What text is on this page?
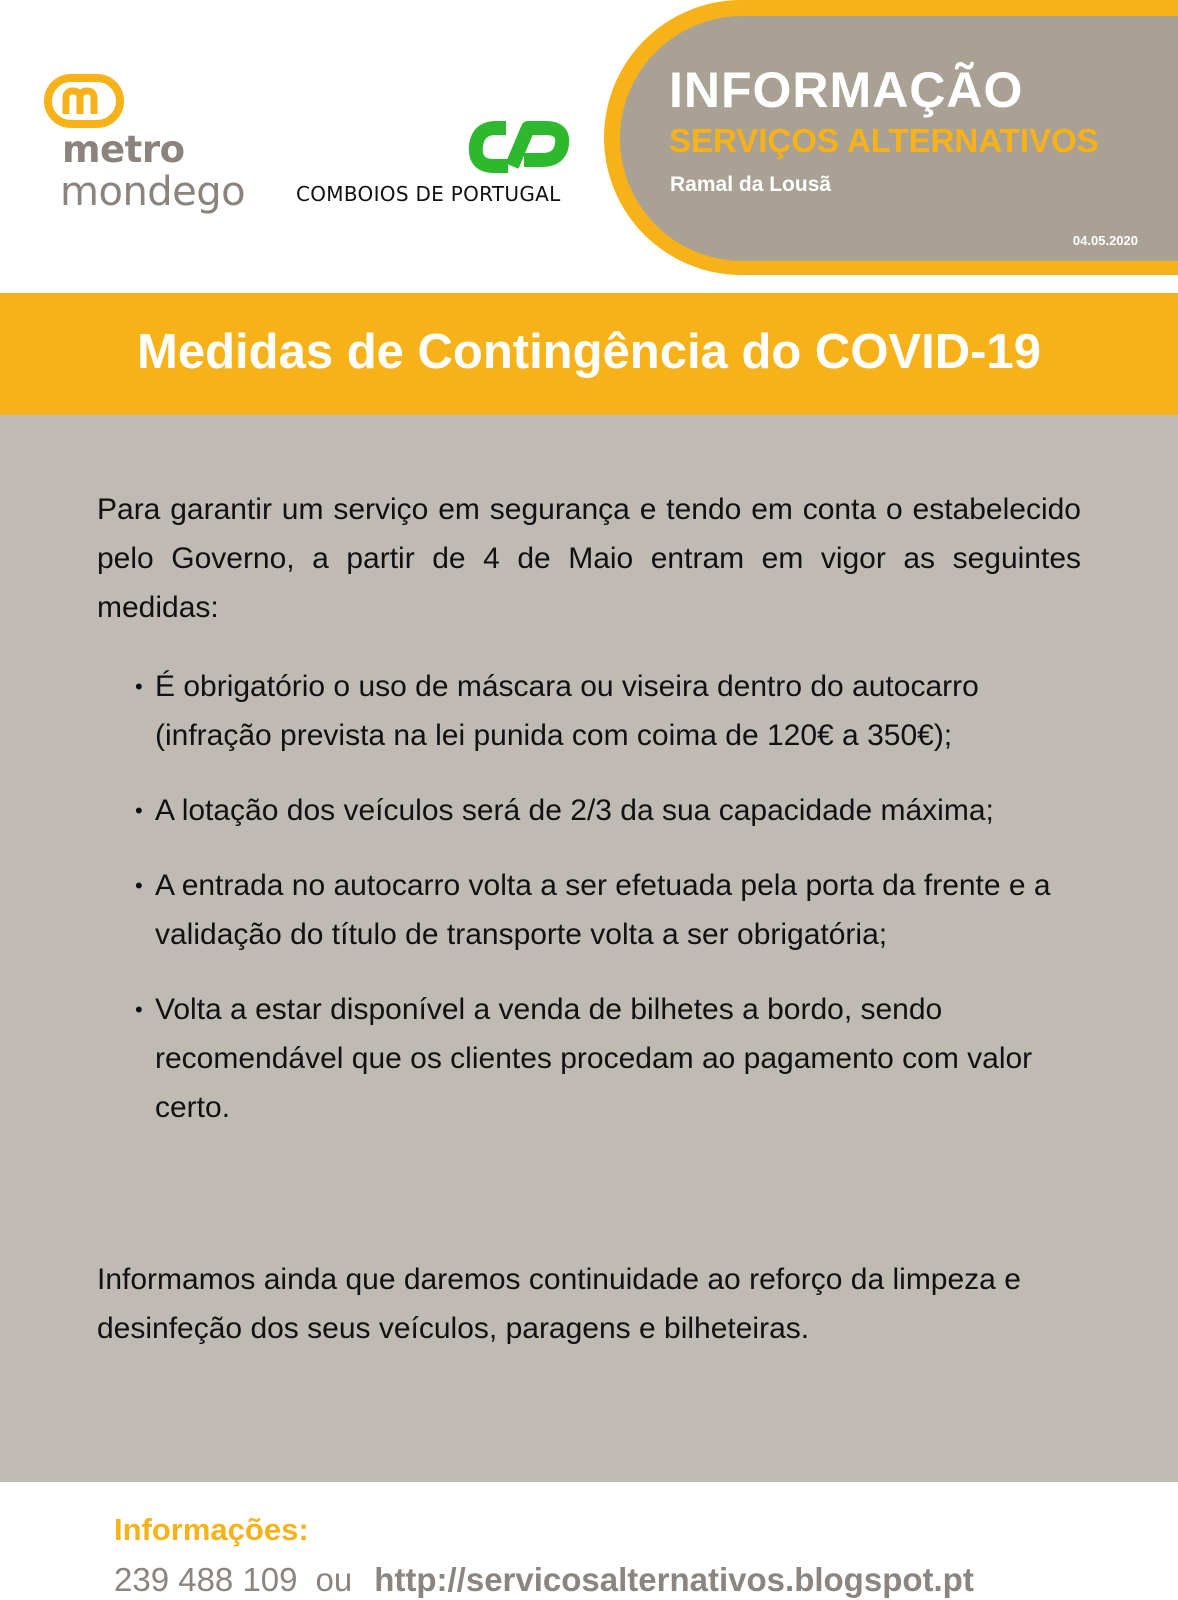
metro
mondego	COMBOIOS DE PORTUGAL
INFORMAÇÃO
SERVIÇOS ALTERNATIVOS
Ramal da Lousã
04.05.2020
Medidas de Contingência do COVID-19
Para garantir um serviço em segurança e tendo em conta o estabelecido pelo Governo, a partir de 4 de Maio entram em vigor as seguintes medidas:
• É obrigatório o uso de máscara ou viseira dentro do autocarro (infração prevista na lei punida com coima de 120€ a 350€);
• A lotação dos veículos será de 2/3 da sua capacidade máxima;
• A entrada no autocarro volta a ser efetuada pela porta da frente e a validação do título de transporte volta a ser obrigatória;
• Volta a estar disponível a venda de bilhetes a bordo, sendo recomendável que os clientes procedam ao pagamento com valor certo.
Informamos ainda que daremos continuidade ao reforço da limpeza e desinfeção dos seus veículos, paragens e bilheteiras.
Informações:
239 488 109 ou http://servicosalternativos.blogspot.pt
